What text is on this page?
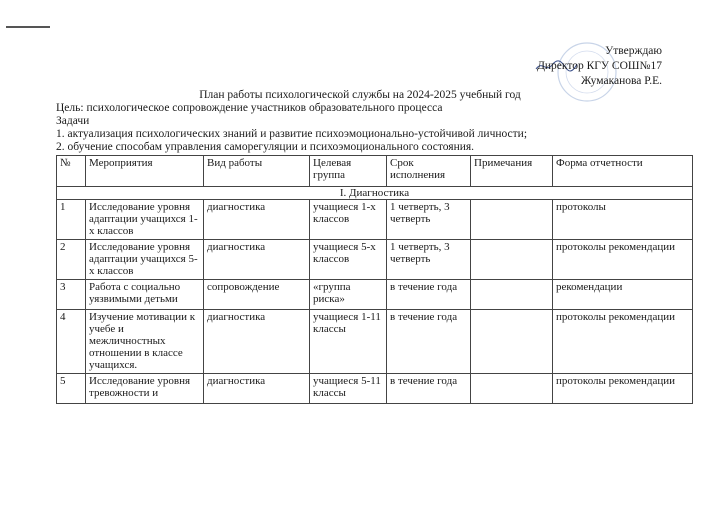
Утверждаю
Директор КГУ СОШ№17
Жумаканова Р.Е.
План работы психологической службы на 2024-2025 учебный год
Цель: психологическое сопровождение участников образовательного процесса
Задачи
1. актуализация психологических знаний и развитие психоэмоционально-устойчивой личности;
2. обучение способам управления саморегуляции и психоэмоционального состояния.
№	Мероприятия	Вид работы	Целевая группа	Срок исполнения	Примечания	Форма отчетности
I. Диагностика						
1	Исследование уровня адаптации учащихся 1-х классов	диагностика	учащиеся 1-х классов	1 четверть, 3 четверть		протоколы
2	Исследование уровня адаптации учащихся 5-х классов	диагностика	учащиеся 5-х классов	1 четверть, 3 четверть		протоколы рекомендации
3	Работа с социально уязвимыми детьми	сопровождение	«группа риска»	в течение года		рекомендации
4	Изучение мотивации к учебе и межличностных отношении в классе учащихся.	диагностика	учащиеся 1-11 классы	в течение года		протоколы рекомендации
5	Исследование уровня тревожности и	диагностика	учащиеся 5-11 классы	в течение года		протоколы рекомендации
